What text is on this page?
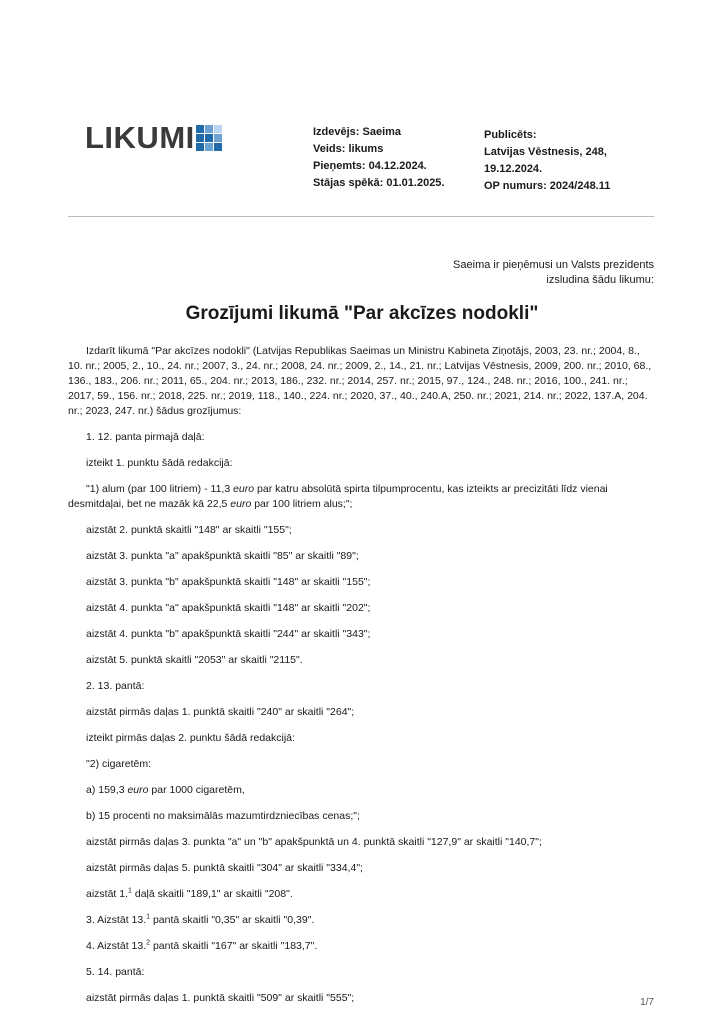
LIKUMI	Izdevējs: Saeima
Veids: likums
Pieņemts: 04.12.2024.
Stājas spēkā: 01.01.2025.
Publicēts:
Latvijas Vēstnesis, 248, 19.12.2024.
OP numurs: 2024/248.11
Saeima ir pieņēmusi un Valsts prezidents izsludina šādu likumu:
Grozījumi likumā "Par akcīzes nodokli"

Izdarīt likumā "Par akcīzes nodokli" (Latvijas Republikas Saeimas un Ministru Kabineta Ziņotājs, 2003, 23. nr.; 2004, 8., 10. nr.; 2005, 2., 10., 24. nr.; 2007, 3., 24. nr.; 2008, 24. nr.; 2009, 2., 14., 21. nr.; Latvijas Vēstnesis, 2009, 200. nr.; 2010, 68., 136., 183., 206. nr.; 2011, 65., 204. nr.; 2013, 186., 232. nr.; 2014, 257. nr.; 2015, 97., 124., 248. nr.; 2016, 100., 241. nr.; 2017, 59., 156. nr.; 2018, 225. nr.; 2019, 118., 140., 224. nr.; 2020, 37., 40., 240.A, 250. nr.; 2021, 214. nr.; 2022, 137.A, 204. nr.; 2023, 247. nr.) šādus grozījumus:

1. 12. panta pirmajā daļā:

izteikt 1. punktu šādā redakcijā:

"1) alum (par 100 litriem) - 11,3 euro par katru absolūtā spirta tilpumprocentu, kas izteikts ar precizitāti līdz vienai desmitdaļai, bet ne mazāk kā 22,5 euro par 100 litriem alus;";

aizstāt 2. punktā skaitli "148" ar skaitli "155";

aizstāt 3. punkta "a" apakšpunktā skaitli "85" ar skaitli "89";

aizstāt 3. punkta "b" apakšpunktā skaitli "148" ar skaitli "155";

aizstāt 4. punkta "a" apakšpunktā skaitli "148" ar skaitli "202";

aizstāt 4. punkta "b" apakšpunktā skaitli "244" ar skaitli "343";

aizstāt 5. punktā skaitli "2053" ar skaitli "2115".

2. 13. pantā:

aizstāt pirmās daļas 1. punktā skaitli "240" ar skaitli "264";

izteikt pirmās daļas 2. punktu šādā redakcijā:

"2) cigaretēm:

a) 159,3 euro par 1000 cigaretēm,

b) 15 procenti no maksimālās mazumtirdzniecības cenas;";

aizstāt pirmās daļas 3. punkta "a" un "b" apakšpunktā un 4. punktā skaitli "127,9" ar skaitli "140,7";

aizstāt pirmās daļas 5. punktā skaitli "304" ar skaitli "334,4";

aizstāt 1.$^1$ daļā skaitli "189,1" ar skaitli "208".

3. Aizstāt 13.$^1$ pantā skaitli "0,35" ar skaitli "0,39".

4. Aizstāt 13.$^2$ pantā skaitli "167" ar skaitli "183,7".

5. 14. pantā:

aizstāt pirmās daļas 1. punktā skaitli "509" ar skaitli "555";	1/7
